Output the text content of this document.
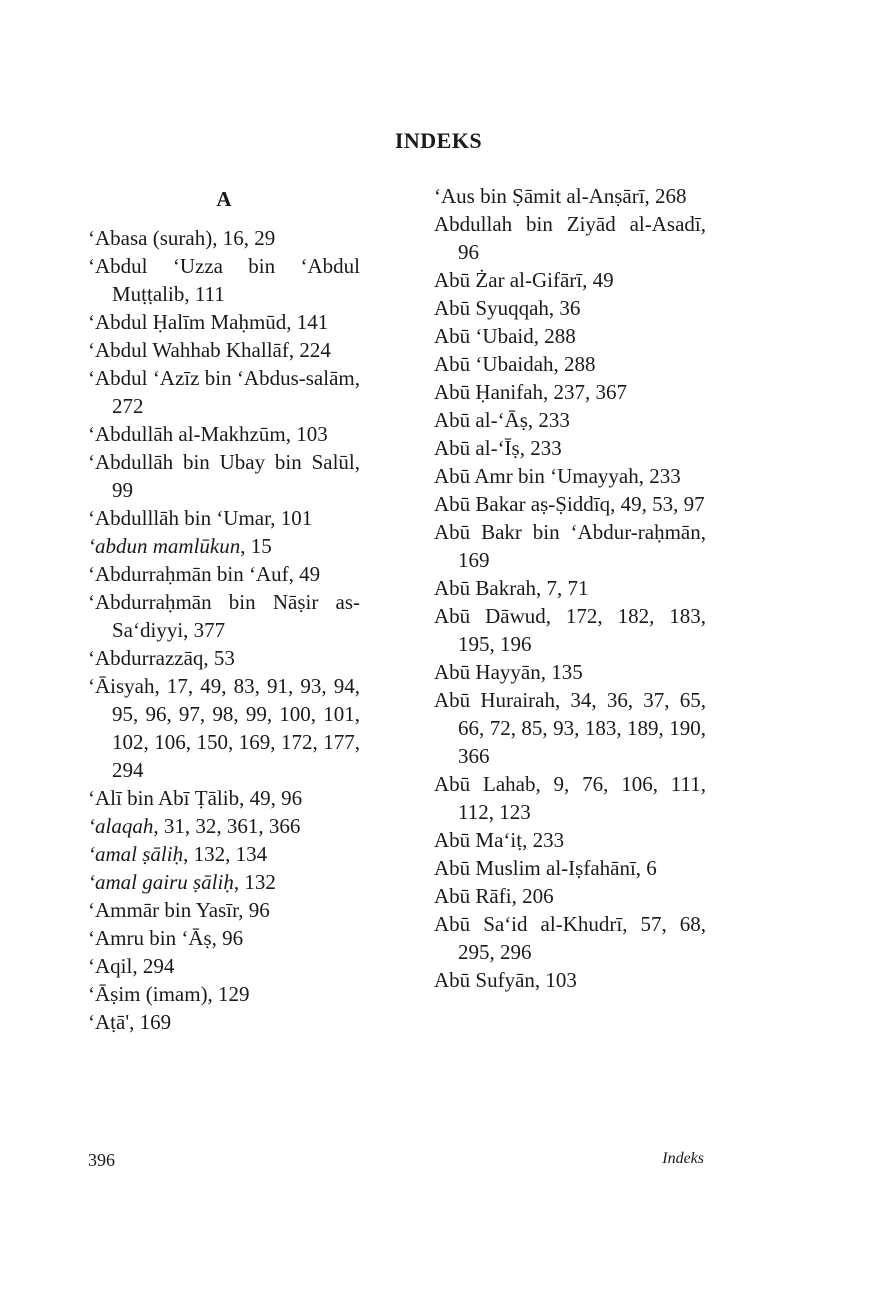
INDEKS
A
‘Abasa (surah), 16, 29
‘Abdul ‘Uzza bin ‘Abdul Muṭṭalib, 111
‘Abdul Ḥalīm Maḥmūd, 141
‘Abdul Wahhab Khallāf, 224
‘Abdul ‘Azīz bin ‘Abdus-salām, 272
‘Abdullāh al-Makhzūm, 103
‘Abdullāh bin Ubay bin Salūl, 99
‘Abdulllāh bin ‘Umar, 101
‘abdun mamlūkun, 15
‘Abdurraḥmān bin ‘Auf, 49
‘Abdurraḥmān bin Nāṣir as-Sa‘diyyi, 377
‘Abdurrazzāq, 53
‘Āisyah, 17, 49, 83, 91, 93, 94, 95, 96, 97, 98, 99, 100, 101, 102, 106, 150, 169, 172, 177, 294
‘Alī bin Abī Ṭālib, 49, 96
‘alaqah, 31, 32, 361, 366
‘amal ṣāliḥ, 132, 134
‘amal gairu ṣāliḥ, 132
‘Ammār bin Yasīr, 96
‘Amru bin ‘Āṣ, 96
‘Aqil, 294
‘Āṣim (imam), 129
‘Aṭā', 169
‘Aus bin Ṣāmit al-Anṣārī, 268
Abdullah bin Ziyād al-Asadī, 96
Abū Żar al-Gifārī, 49
Abū Syuqqah, 36
Abū ‘Ubaid, 288
Abū ‘Ubaidah, 288
Abū Ḥanifah, 237, 367
Abū al-‘Āṣ, 233
Abū al-‘Īṣ, 233
Abū Amr bin ‘Umayyah, 233
Abū Bakar aṣ-Ṣiddīq, 49, 53, 97
Abū Bakr bin ‘Abdur-raḥmān, 169
Abū Bakrah, 7, 71
Abū Dāwud, 172, 182, 183, 195, 196
Abū Hayyān, 135
Abū Hurairah, 34, 36, 37, 65, 66, 72, 85, 93, 183, 189, 190, 366
Abū Lahab, 9, 76, 106, 111, 112, 123
Abū Ma‘iṭ, 233
Abū Muslim al-Iṣfahānī, 6
Abū Rāfi, 206
Abū Sa‘id al-Khudrī, 57, 68, 295, 296
Abū Sufyān, 103
396	Indeks
